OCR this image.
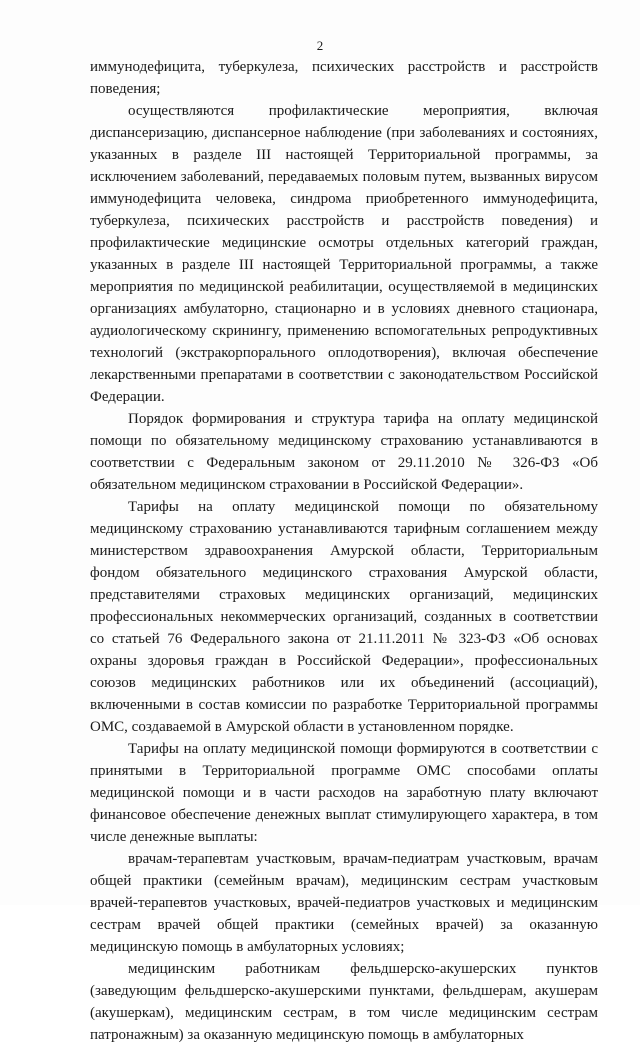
2

иммунодефицита, туберкулеза, психических расстройств и расстройств поведения;

осуществляются профилактические мероприятия, включая диспансеризацию, диспансерное наблюдение (при заболеваниях и состояниях, указанных в разделе III настоящей Территориальной программы, за исключением заболеваний, передаваемых половым путем, вызванных вирусом иммунодефицита человека, синдрома приобретенного иммунодефицита, туберкулеза, психических расстройств и расстройств поведения) и профилактические медицинские осмотры отдельных категорий граждан, указанных в разделе III настоящей Территориальной программы, а также мероприятия по медицинской реабилитации, осуществляемой в медицинских организациях амбулаторно, стационарно и в условиях дневного стационара, аудиологическому скринингу, применению вспомогательных репродуктивных технологий (экстракорпорального оплодотворения), включая обеспечение лекарственными препаратами в соответствии с законодательством Российской Федерации.

Порядок формирования и структура тарифа на оплату медицинской помощи по обязательному медицинскому страхованию устанавливаются в соответствии с Федеральным законом от 29.11.2010 № 326-ФЗ «Об обязательном медицинском страховании в Российской Федерации».

Тарифы на оплату медицинской помощи по обязательному медицинскому страхованию устанавливаются тарифным соглашением между министерством здравоохранения Амурской области, Территориальным фондом обязательного медицинского страхования Амурской области, представителями страховых медицинских организаций, медицинских профессиональных некоммерческих организаций, созданных в соответствии со статьей 76 Федерального закона от 21.11.2011 № 323-ФЗ «Об основах охраны здоровья граждан в Российской Федерации», профессиональных союзов медицинских работников или их объединений (ассоциаций), включенными в состав комиссии по разработке Территориальной программы ОМС, создаваемой в Амурской области в установленном порядке.

Тарифы на оплату медицинской помощи формируются в соответствии с принятыми в Территориальной программе ОМС способами оплаты медицинской помощи и в части расходов на заработную плату включают финансовое обеспечение денежных выплат стимулирующего характера, в том числе денежные выплаты:

врачам-терапевтам участковым, врачам-педиатрам участковым, врачам общей практики (семейным врачам), медицинским сестрам участковым врачей-терапевтов участковых, врачей-педиатров участковых и медицинским сестрам врачей общей практики (семейных врачей) за оказанную медицинскую помощь в амбулаторных условиях;

медицинским работникам фельдшерско-акушерских пунктов (заведующим фельдшерско-акушерскими пунктами, фельдшерам, акушерам (акушеркам), медицинским сестрам, в том числе медицинским сестрам патронажным) за оказанную медицинскую помощь в амбулаторных
